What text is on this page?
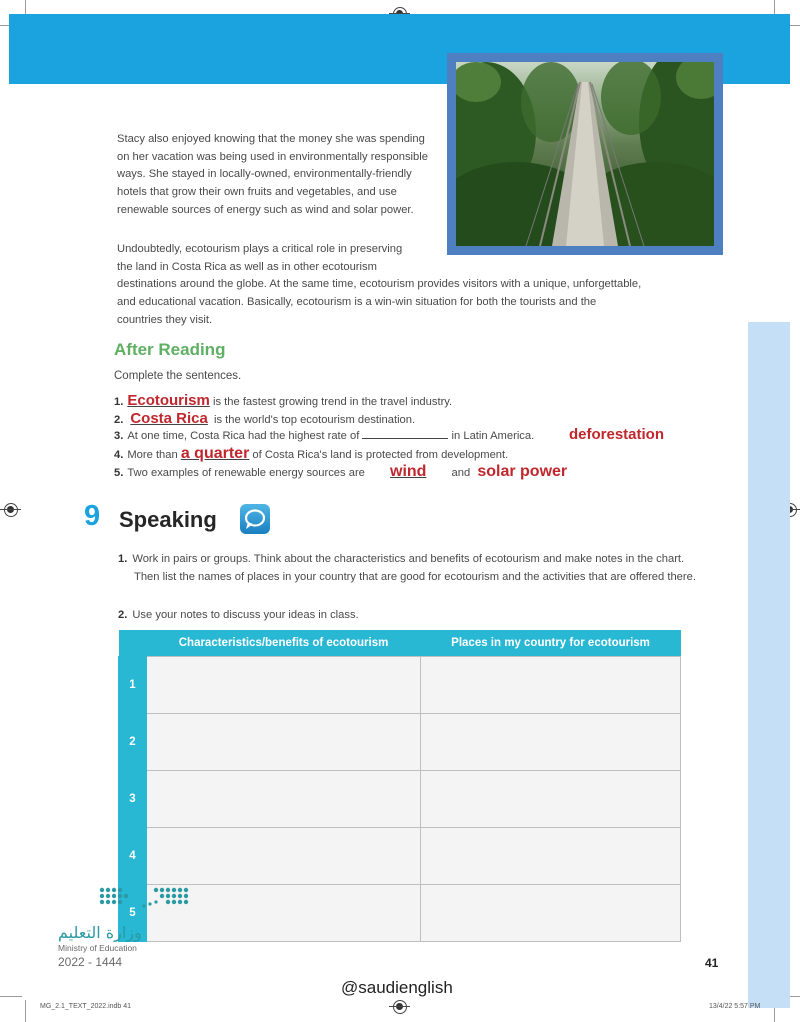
Stacy also enjoyed knowing that the money she was spending on her vacation was being used in environmentally responsible ways. She stayed in locally-owned, environmentally-friendly hotels that grow their own fruits and vegetables, and use renewable sources of energy such as wind and solar power.
Undoubtedly, ecotourism plays a critical role in preserving
the land in Costa Rica as well as in other ecotourism
destinations around the globe. At the same time, ecotourism provides visitors with a unique, unforgettable,
and educational vacation. Basically, ecotourism is a win-win situation for both the tourists and the
countries they visit.
After Reading
Complete the sentences.
1. Ecotourism is the fastest growing trend in the travel industry.
2. Costa Rica is the world's top ecotourism destination.
3. At one time, Costa Rica had the highest rate of	in Latin America. deforestation
4. More than a quarter of Costa Rica's land is protected from development.
5. Two examples of renewable energy sources are wind and solar power
9 Speaking
1. Work in pairs or groups. Think about the characteristics and benefits of ecotourism and make notes in the chart. Then list the names of places in your country that are good for ecotourism and the activities that are offered there.
2. Use your notes to discuss your ideas in class.
	Characteristics/benefits of ecotourism	Places in my country for ecotourism
1		
2		
3		
4		
5		
وزارة التعليم
Ministry of Education
2022 - 1444	41
@saudienglish
MG_2.1_TEXT_2022.indb 41	13/4/22 5:57 PM
